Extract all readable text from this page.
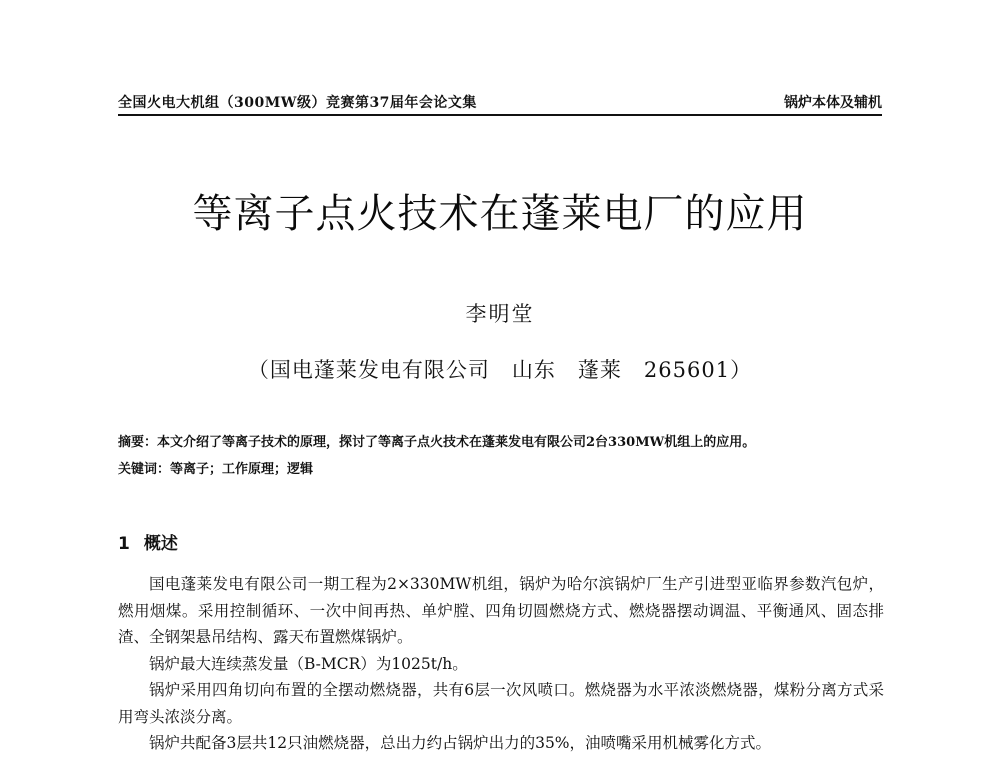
全国火电大机组（300MW级）竞赛第37届年会论文集	锅炉本体及辅机
等离子点火技术在蓬莱电厂的应用
李明堂
（国电蓬莱发电有限公司　山东　蓬莱　265601）
摘要：本文介绍了等离子技术的原理，探讨了等离子点火技术在蓬莱发电有限公司2台330MW机组上的应用。
关键词：等离子；工作原理；逻辑
1 概述

国电蓬莱发电有限公司一期工程为2×330MW机组，锅炉为哈尔滨锅炉厂生产引进型亚临界参数汽包炉，燃用烟煤。采用控制循环、一次中间再热、单炉膛、四角切圆燃烧方式、燃烧器摆动调温、平衡通风、固态排渣、全钢架悬吊结构、露天布置燃煤锅炉。

锅炉最大连续蒸发量（B-MCR）为1025t/h。

锅炉采用四角切向布置的全摆动燃烧器，共有6层一次风喷口。燃烧器为水平浓淡燃烧器，煤粉分离方式采用弯头浓淡分离。

锅炉共配备3层共12只油燃烧器，总出力约占锅炉出力的35%，油喷嘴采用机械雾化方式。
